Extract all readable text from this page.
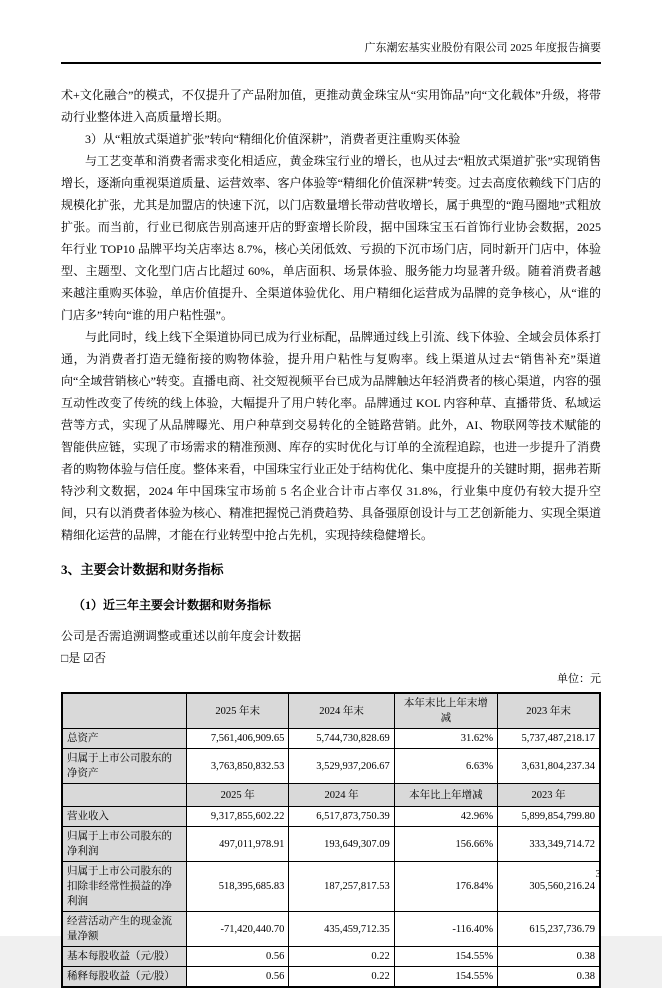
广东潮宏基实业股份有限公司 2025 年度报告摘要

术+文化融合”的模式，不仅提升了产品附加值，更推动黄金珠宝从“实用饰品”向“文化载体”升级，将带动行业整体进入高质量增长期。

3）从“粗放式渠道扩张”转向“精细化价值深耕”，消费者更注重购买体验

与工艺变革和消费者需求变化相适应，黄金珠宝行业的增长，也从过去“粗放式渠道扩张”实现销售增长，逐渐向重视渠道质量、运营效率、客户体验等“精细化价值深耕”转变。过去高度依赖线下门店的规模化扩张，尤其是加盟店的快速下沉，以门店数量增长带动营收增长，属于典型的“跑马圈地”式粗放扩张。而当前，行业已彻底告别高速开店的野蛮增长阶段，据中国珠宝玉石首饰行业协会数据，2025 年行业 TOP10 品牌平均关店率达 8.7%，核心关闭低效、亏损的下沉市场门店，同时新开门店中，体验型、主题型、文化型门店占比超过 60%，单店面积、场景体验、服务能力均显著升级。随着消费者越来越注重购买体验，单店价值提升、全渠道体验优化、用户精细化运营成为品牌的竞争核心，从“谁的门店多”转向“谁的用户粘性强”。

与此同时，线上线下全渠道协同已成为行业标配，品牌通过线上引流、线下体验、全域会员体系打通，为消费者打造无缝衔接的购物体验，提升用户粘性与复购率。线上渠道从过去“销售补充”渠道向“全域营销核心”转变。直播电商、社交短视频平台已成为品牌触达年轻消费者的核心渠道，内容的强互动性改变了传统的线上体验，大幅提升了用户转化率。品牌通过 KOL 内容种草、直播带货、私域运营等方式，实现了从品牌曝光、用户种草到交易转化的全链路营销。此外，AI、物联网等技术赋能的智能供应链，实现了市场需求的精准预测、库存的实时优化与订单的全流程追踪，也进一步提升了消费者的购物体验与信任度。整体来看，中国珠宝行业正处于结构优化、集中度提升的关键时期，据弗若斯特沙利文数据，2024 年中国珠宝市场前 5 名企业合计市占率仅 31.8%，行业集中度仍有较大提升空间，只有以消费者体验为核心、精准把握悦己消费趋势、具备强原创设计与工艺创新能力、实现全渠道精细化运营的品牌，才能在行业转型中抢占先机，实现持续稳健增长。

3、主要会计数据和财务指标
（1）近三年主要会计数据和财务指标
公司是否需追溯调整或重述以前年度会计数据
□是 ☑否
单位：元
	2025 年末	2024 年末	本年末比上年末增减	2023 年末
总资产	7,561,406,909.65	5,744,730,828.69	31.62%	5,737,487,218.17
归属于上市公司股东的净资产	3,763,850,832.53	3,529,937,206.67	6.63%	3,631,804,237.34
	2025 年	2024 年	本年比上年增减	2023 年
营业收入	9,317,855,602.22	6,517,873,750.39	42.96%	5,899,854,799.80
归属于上市公司股东的净利润	497,011,978.91	193,649,307.09	156.66%	333,349,714.72
归属于上市公司股东的扣除非经常性损益的净利润	518,395,685.83	187,257,817.53	176.84%	305,560,216.24
经营活动产生的现金流量净额	-71,420,440.70	435,459,712.35	-116.40%	615,237,736.79
基本每股收益（元/股）	0.56	0.22	154.55%	0.38
稀释每股收益（元/股）	0.56	0.22	154.55%	0.38
3
